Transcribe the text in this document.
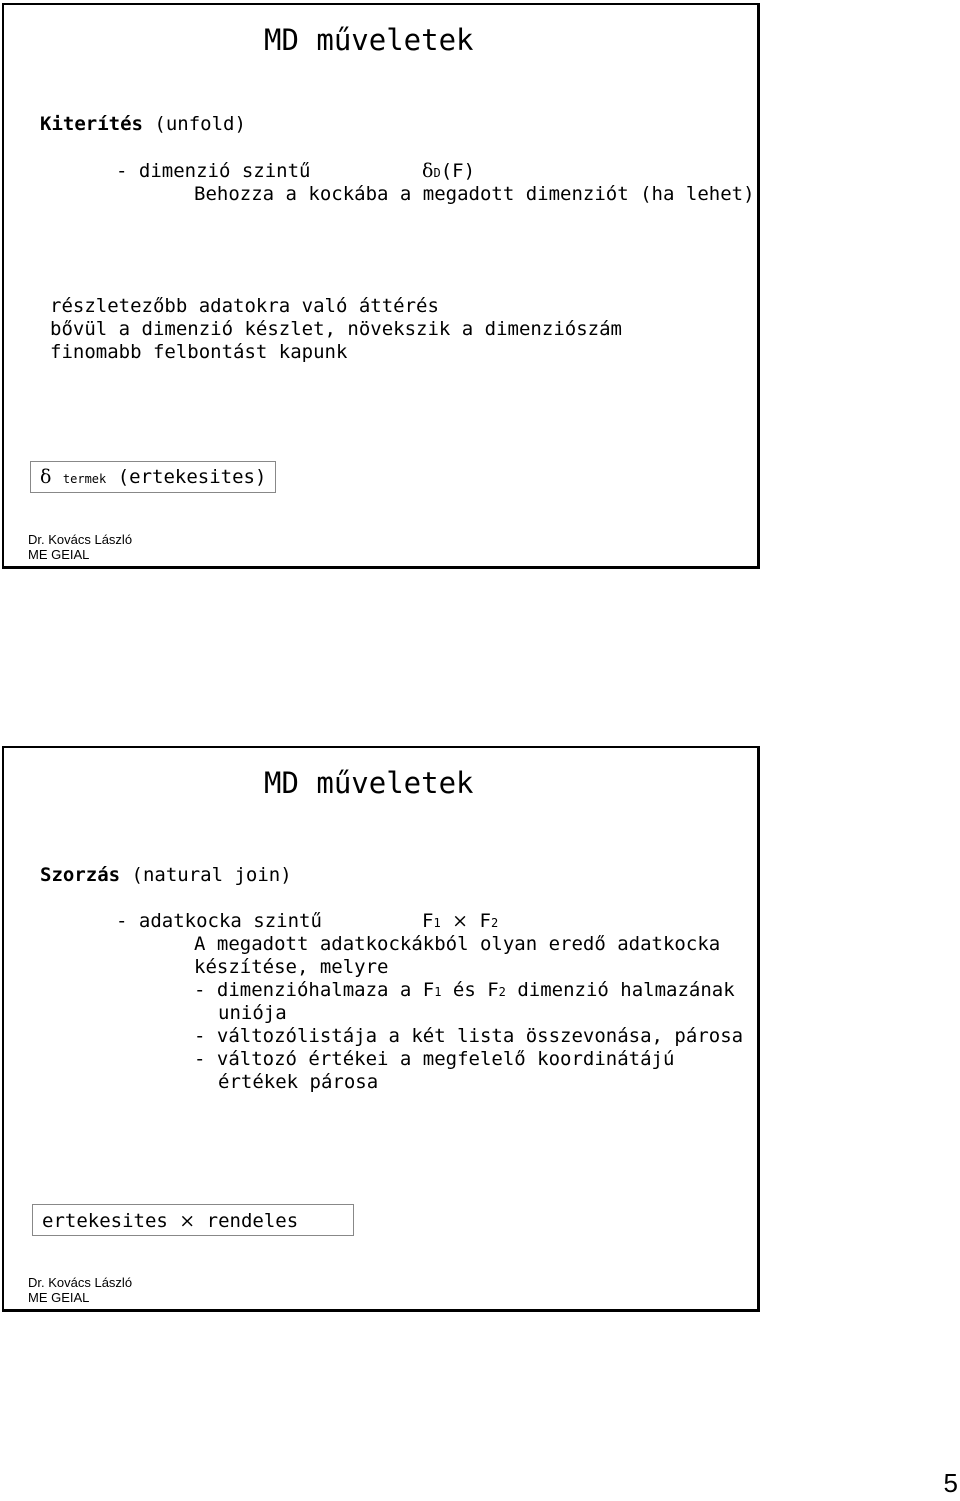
MD műveletek
Kiterítés (unfold)
- dimenzió szintű	δD(F)
Behozza a kockába a megadott dimenziót (ha lehet)
részletezőbb adatokra való áttérés
bővül a dimenzió készlet, növekszik a dimenziószám
finomabb felbontást kapunk
δ termek (ertekesites)
Dr. Kovács László
ME GEIAL
MD műveletek
Szorzás (natural join)
- adatkocka szintű	F1 × F2
A megadott adatkockákból olyan eredő adatkocka
készítése, melyre
- dimenzióhalmaza a F1 és F2 dimenzió halmazának
uniója
- változólistája a két lista összevonása, párosa
- változó értékei a megfelelő koordinátájú
értékek párosa
ertekesites × rendeles
Dr. Kovács László
ME GEIAL
5
